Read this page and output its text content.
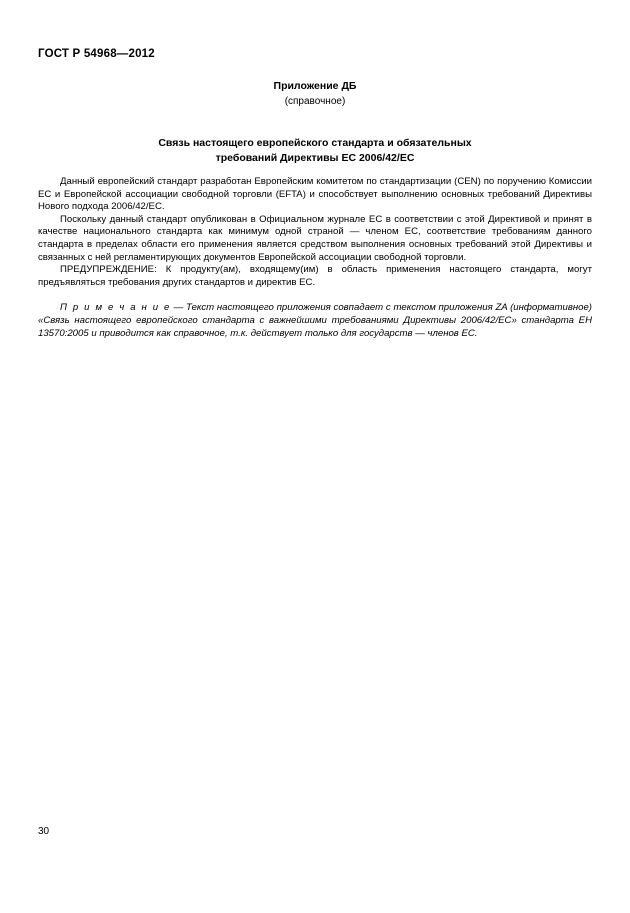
ГОСТ Р 54968—2012
Приложение ДБ
(справочное)
Связь настоящего европейского стандарта и обязательных
требований Директивы ЕС 2006/42/ЕС

Данный европейский стандарт разработан Европейским комитетом по стандартизации (CEN) по поручению Комиссии ЕС и Европейской ассоциации свободной торговли (EFTA) и способствует выполнению основных требований Директивы Нового подхода 2006/42/ЕС.

Поскольку данный стандарт опубликован в Официальном журнале ЕС в соответствии с этой Директивой и принят в качестве национального стандарта как минимум одной страной — членом ЕС, соответствие требованиям данного стандарта в пределах области его применения является средством выполнения основных требований этой Директивы и связанных с ней регламентирующих документов Европейской ассоциации свободной торговли.

ПРЕДУПРЕЖДЕНИЕ: К продукту(ам), входящему(им) в область применения настоящего стандарта, могут предъявляться требования других стандартов и директив ЕС.

П р и м е ч а н и е — Текст настоящего приложения совпадает с текстом приложения ZA (информативное) «Связь настоящего европейского стандарта с важнейшими требованиями Директивы 2006/42/ЕС» стандарта ЕН 13570:2005 и приводится как справочное, т.к. действует только для государств — членов ЕС.

30
